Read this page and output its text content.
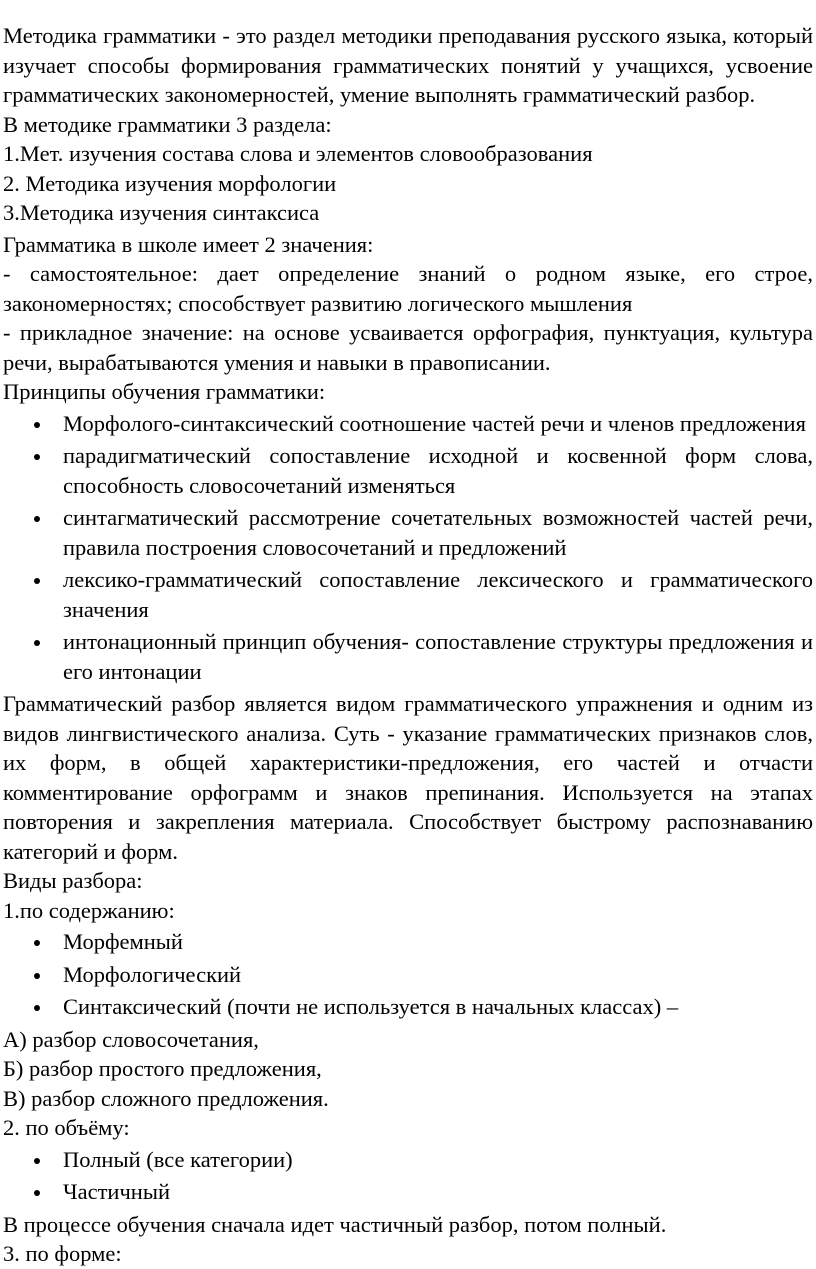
Методика грамматики - это раздел методики преподавания русского языка, который изучает способы формирования грамматических понятий у учащихся, усвоение грамматических закономерностей, умение выполнять грамматический разбор.

В методике грамматики 3 раздела:

1.Мет. изучения состава слова и элементов словообразования

2. Методика изучения морфологии

3.Методика изучения синтаксиса

Грамматика в школе имеет 2 значения:

- самостоятельное: дает определение знаний о родном языке, его строе, закономерностях; способствует развитию логического мышления

- прикладное значение: на основе усваивается орфография, пунктуация, культура речи, вырабатываются умения и навыки в правописании.

Принципы обучения грамматики:

Морфолого-синтаксический соотношение частей речи и членов предложения
парадигматический сопоставление исходной и косвенной форм слова, способность словосочетаний изменяться
синтагматический рассмотрение сочетательных возможностей частей речи, правила построения словосочетаний и предложений
лексико-грамматический сопоставление лексического и грамматического значения
интонационный принцип обучения- сопоставление структуры предложения и его интонации

Грамматический разбор является видом грамматического упражнения и одним из видов лингвистического анализа. Суть - указание грамматических признаков слов, их форм, в общей характеристики-предложения, его частей и отчасти комментирование орфограмм и знаков препинания. Используется на этапах повторения и закрепления материала. Способствует быстрому распознаванию категорий и форм.

Виды разбора:

1.по содержанию:

Морфемный
Морфологический
Синтаксический (почти не используется в начальных классах) –

А) разбор словосочетания,

Б) разбор простого предложения,

В) разбор сложного предложения.

2. по объёму:

Полный (все категории)
Частичный

В процессе обучения сначала идет частичный разбор, потом полный.

3. по форме:
